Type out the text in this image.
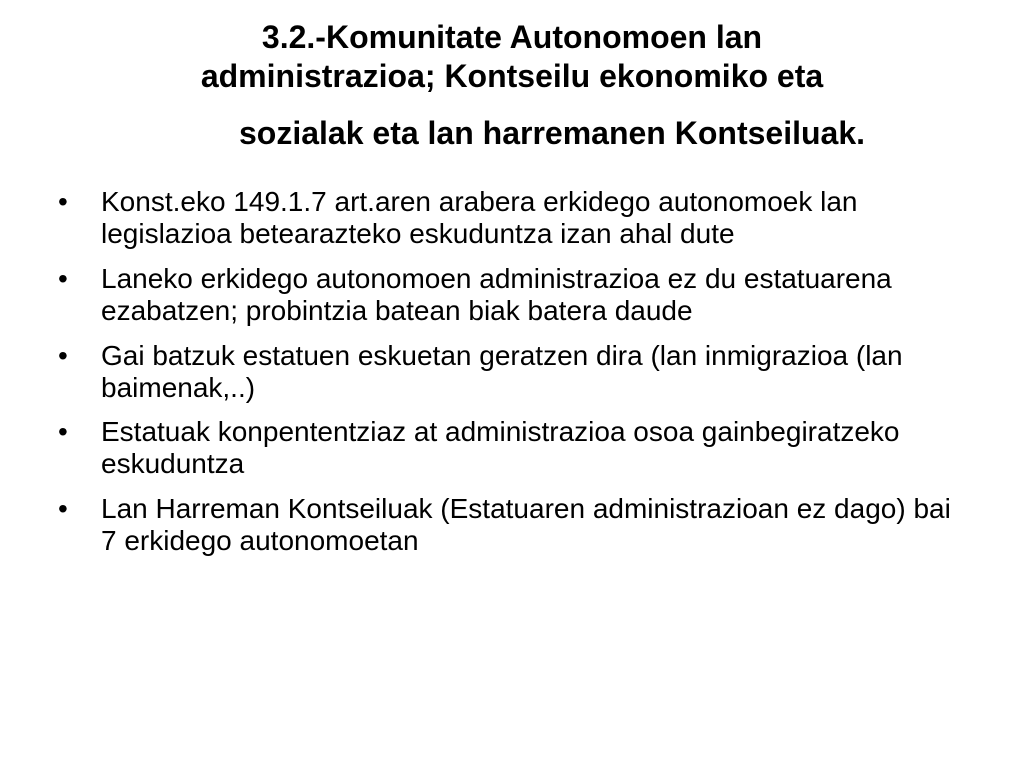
3.2.-Komunitate Autonomoen lan
administrazioa; Kontseilu ekonomiko eta
sozialak eta lan harremanen Kontseiluak.
• Konst.eko 149.1.7 art.aren arabera erkidego autonomoek lan legislazioa betearazteko eskuduntza izan ahal dute
• Laneko erkidego autonomoen administrazioa ez du estatuarena ezabatzen; probintzia batean biak batera daude
• Gai batzuk estatuen eskuetan geratzen dira (lan inmigrazioa (lan baimenak,..)
• Estatuak konpententziaz at administrazioa osoa gainbegiratzeko eskuduntza
• Lan Harreman Kontseiluak (Estatuaren administrazioan ez dago) bai 7 erkidego autonomoetan
